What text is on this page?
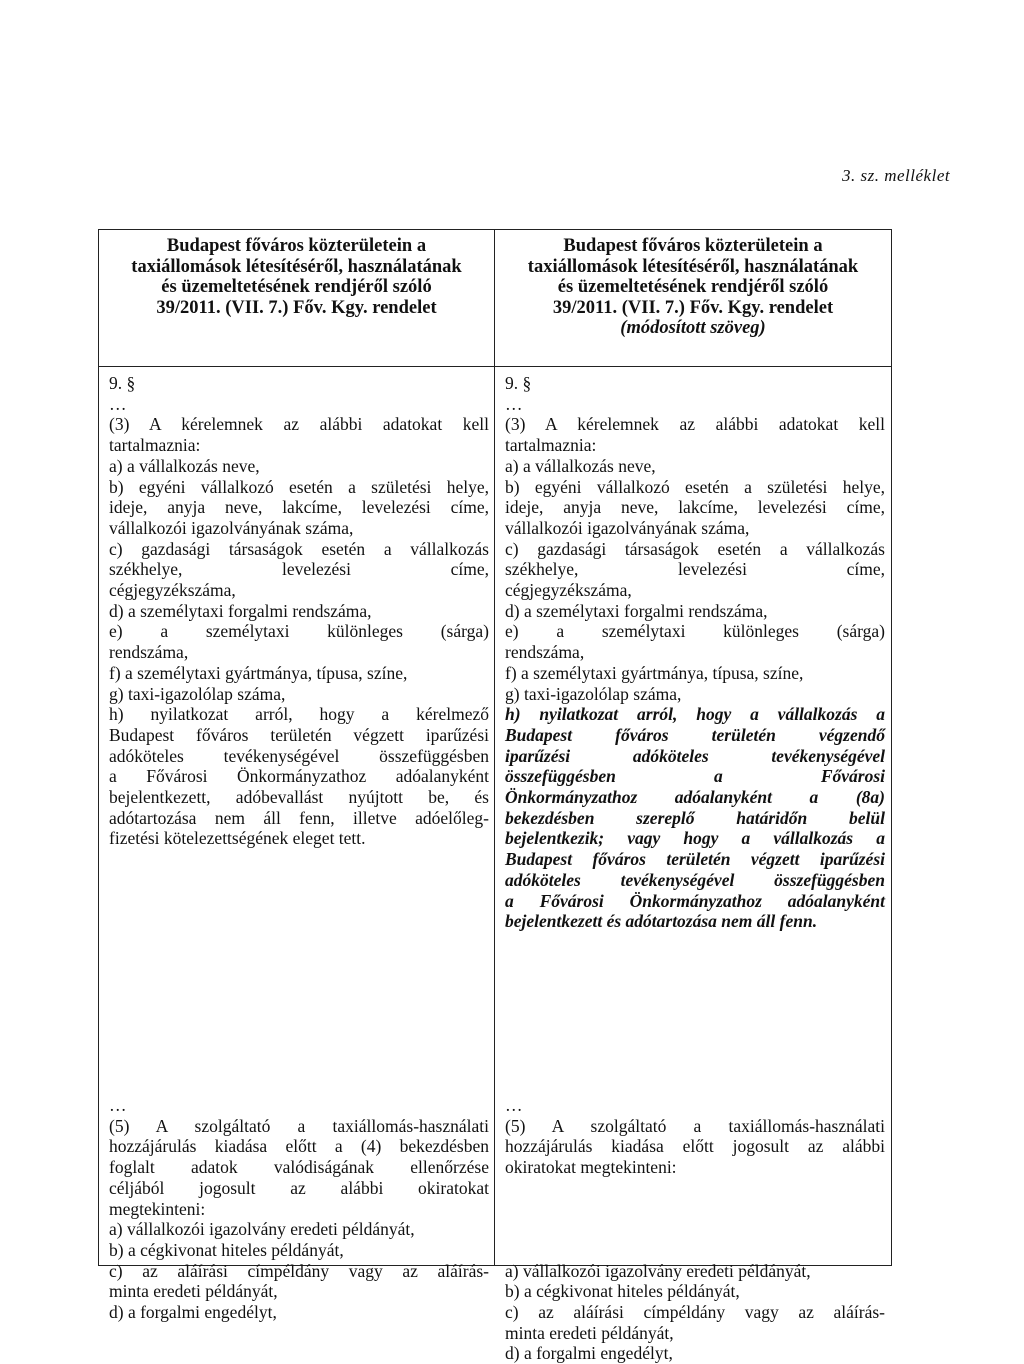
3. sz. melléklet
Budapest főváros közterületein a
taxiállomások létesítéséről, használatának
és üzemeltetésének rendjéről szóló
39/2011. (VII. 7.) Főv. Kgy. rendelet
Budapest főváros közterületein a
taxiállomások létesítéséről, használatának
és üzemeltetésének rendjéről szóló
39/2011. (VII. 7.) Főv. Kgy. rendelet
(módosított szöveg)

9. §

…

(3) A kérelemnek az alábbi adatokat kell

tartalmaznia:

a) a vállalkozás neve,

b) egyéni vállalkozó esetén a születési helye,

ideje, anyja neve, lakcíme, levelezési címe,

vállalkozói igazolványának száma,

c) gazdasági társaságok esetén a vállalkozás

székhelye, levelezési címe,

cégjegyzékszáma,

d) a személytaxi forgalmi rendszáma,

e) a személytaxi különleges (sárga)

rendszáma,

f) a személytaxi gyártmánya, típusa, színe,

g) taxi-igazolólap száma,

h) nyilatkozat arról, hogy a kérelmező

Budapest főváros területén végzett iparűzési

adóköteles tevékenységével összefüggésben

a Fővárosi Önkormányzathoz adóalanyként

bejelentkezett, adóbevallást nyújtott be, és

adótartozása nem áll fenn, illetve adóelőleg-

fizetési kötelezettségének eleget tett.

…

(5) A szolgáltató a taxiállomás-használati

hozzájárulás kiadása előtt a (4) bekezdésben

foglalt adatok valódiságának ellenőrzése

céljából jogosult az alábbi okiratokat

megtekinteni:

a) vállalkozói igazolvány eredeti példányát,

b) a cégkivonat hiteles példányát,

c) az aláírási címpéldány vagy az aláírás-

minta eredeti példányát,

d) a forgalmi engedélyt,

9. §

…

(3) A kérelemnek az alábbi adatokat kell

tartalmaznia:

a) a vállalkozás neve,

b) egyéni vállalkozó esetén a születési helye,

ideje, anyja neve, lakcíme, levelezési címe,

vállalkozói igazolványának száma,

c) gazdasági társaságok esetén a vállalkozás

székhelye, levelezési címe,

cégjegyzékszáma,

d) a személytaxi forgalmi rendszáma,

e) a személytaxi különleges (sárga)

rendszáma,

f) a személytaxi gyártmánya, típusa, színe,

g) taxi-igazolólap száma,

h) nyilatkozat arról, hogy a vállalkozás a

Budapest főváros területén végzendő

iparűzési adóköteles tevékenységével

összefüggésben a Fővárosi

Önkormányzathoz adóalanyként a (8a)

bekezdésben szereplő határidőn belül

bejelentkezik; vagy hogy a vállalkozás a

Budapest főváros területén végzett iparűzési

adóköteles tevékenységével összefüggésben

a Fővárosi Önkormányzathoz adóalanyként

bejelentkezett és adótartozása nem áll fenn.

…

(5) A szolgáltató a taxiállomás-használati

hozzájárulás kiadása előtt jogosult az alábbi

okiratokat megtekinteni:

a) vállalkozói igazolvány eredeti példányát,

b) a cégkivonat hiteles példányát,

c) az aláírási címpéldány vagy az aláírás-

minta eredeti példányát,

d) a forgalmi engedélyt,
